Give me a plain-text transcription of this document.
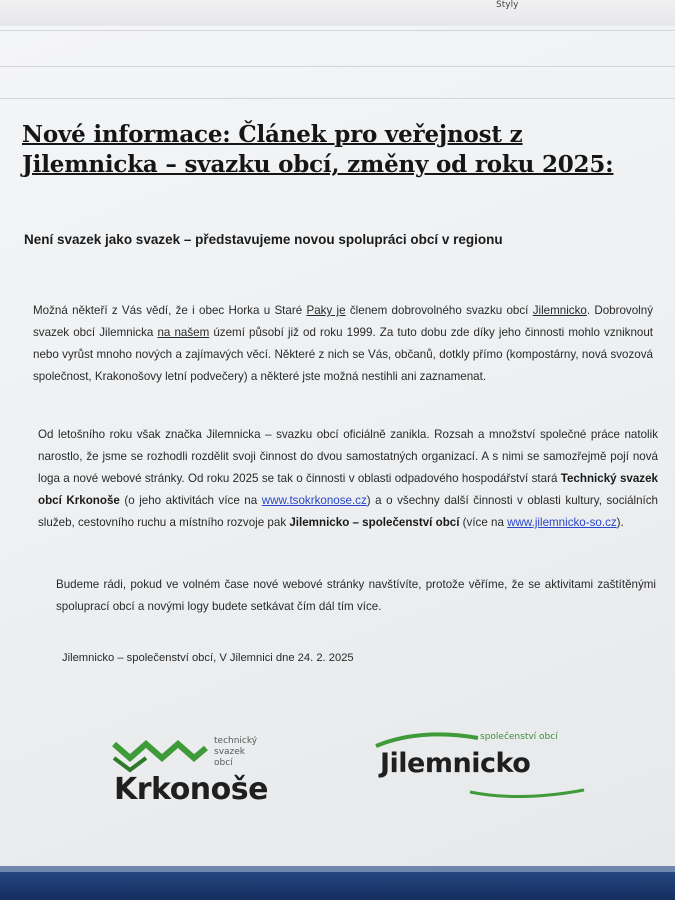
Styly
Nové informace: Článek pro veřejnost z Jilemnicka – svazku obcí, změny od roku 2025:
Není svazek jako svazek – představujeme novou spolupráci obcí v regionu
Možná někteří z Vás vědí, že i obec Horka u Staré Paky je členem dobrovolného svazku obcí Jilemnicko. Dobrovolný svazek obcí Jilemnicka na našem území působí již od roku 1999. Za tuto dobu zde díky jeho činnosti mohlo vzniknout nebo vyrůst mnoho nových a zajímavých věcí. Některé z nich se Vás, občanů, dotkly přímo (kompostárny, nová svozová společnost, Krakonošovy letní podvečery) a některé jste možná nestihli ani zaznamenat.
Od letošního roku však značka Jilemnicka – svazku obcí oficiálně zanikla. Rozsah a množství společné práce natolik narostlo, že jsme se rozhodli rozdělit svoji činnost do dvou samostatných organizací. A s nimi se samozřejmě pojí nová loga a nové webové stránky. Od roku 2025 se tak o činnosti v oblasti odpadového hospodářství stará Technický svazek obcí Krkonoše (o jeho aktivitách více na www.tsokrkonose.cz) a o všechny další činnosti v oblasti kultury, sociálních služeb, cestovního ruchu a místního rozvoje pak Jilemnicko – společenství obcí (více na www.jilemnicko-so.cz).
Budeme rádi, pokud ve volném čase nové webové stránky navštívíte, protože věříme, že se aktivitami zaštítěnými spoluprací obcí a novými logy budete setkávat čím dál tím více.
Jilemnicko – společenství obcí, V Jilemnici dne 24. 2. 2025
technický
svazek
obcí
Krkonoše
společenství obcí
Jilemnicko
